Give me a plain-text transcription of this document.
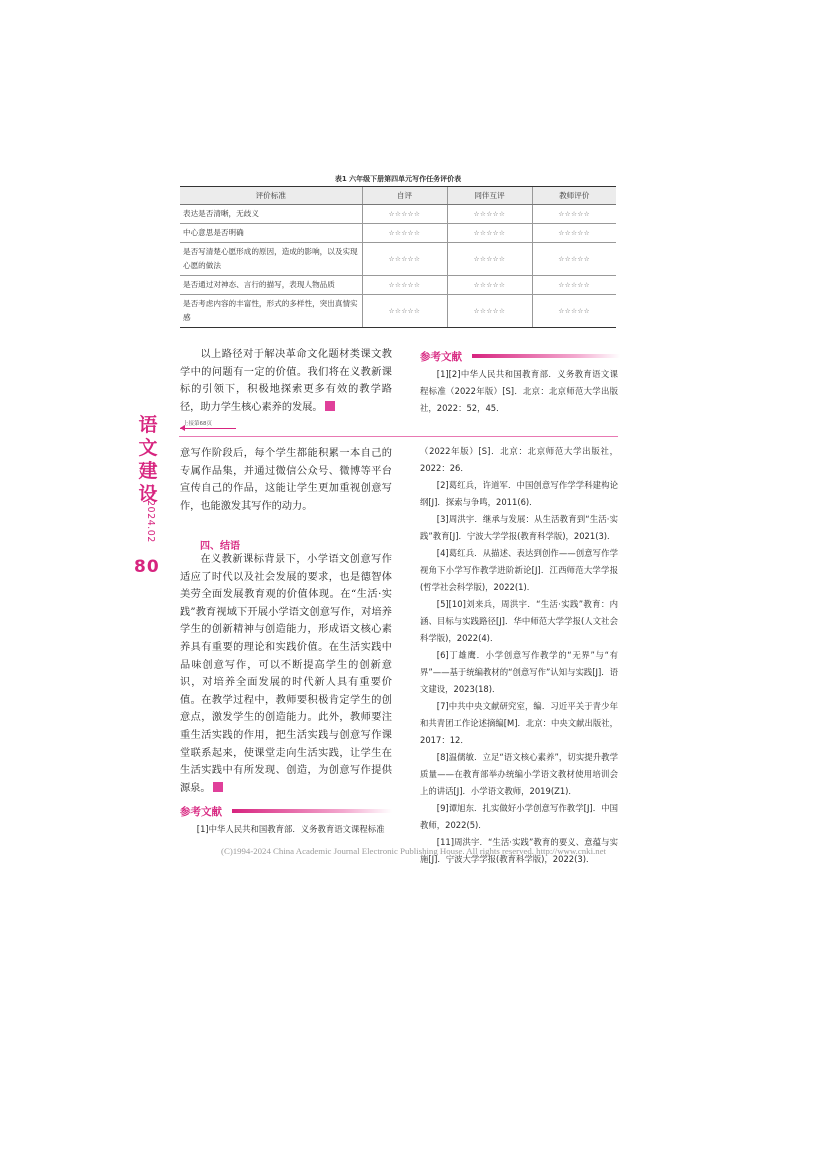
表1 六年级下册第四单元写作任务评价表
评价标准	自评	同伴互评	教师评价
表达是否清晰，无歧义	☆☆☆☆☆	☆☆☆☆☆	☆☆☆☆☆
中心意思是否明确	☆☆☆☆☆	☆☆☆☆☆	☆☆☆☆☆
是否写清楚心愿形成的原因，造成的影响，以及实现心愿的做法	☆☆☆☆☆	☆☆☆☆☆	☆☆☆☆☆
是否通过对神态、言行的描写，表现人物品质	☆☆☆☆☆	☆☆☆☆☆	☆☆☆☆☆
是否考虑内容的丰富性，形式的多样性，突出真情实感	☆☆☆☆☆	☆☆☆☆☆	☆☆☆☆☆
以上路径对于解决革命文化题材类课文教学中的问题有一定的价值。我们将在义教新课标的引领下，积极地探索更多有效的教学路径，助力学生核心素养的发展。
参考文献

[1][2]中华人民共和国教育部．义务教育语文课程标准（2022年版）[S]．北京：北京师范大学出版社，2022：52，45．

上接第68页
语文建设
2024.02
80
意写作阶段后，每个学生都能积累一本自己的专属作品集，并通过微信公众号、微博等平台宣传自己的作品，这能让学生更加重视创意写作，也能激发其写作的动力。
四、结语
在义教新课标背景下，小学语文创意写作适应了时代以及社会发展的要求，也是德智体美劳全面发展教育观的价值体现。在“生活·实践”教育视域下开展小学语文创意写作，对培养学生的创新精神与创造能力，形成语文核心素养具有重要的理论和实践价值。在生活实践中品味创意写作，可以不断提高学生的创新意识，对培养全面发展的时代新人具有重要价值。在教学过程中，教师要积极肯定学生的创意点，激发学生的创造能力。此外，教师要注重生活实践的作用，把生活实践与创意写作课堂联系起来，使课堂走向生活实践，让学生在生活实践中有所发现、创造，为创意写作提供源泉。
参考文献

[1]中华人民共和国教育部．义务教育语文课程标准

（2022年版）[S]．北京：北京师范大学出版社，2022：26．

[2]葛红兵，许道军．中国创意写作学学科建构论纲[J]．探索与争鸣，2011(6)．

[3]周洪宇．继承与发展：从生活教育到“生活·实践”教育[J]．宁波大学学报(教育科学版)，2021(3)．

[4]葛红兵．从描述、表达到创作——创意写作学视角下小学写作教学进阶新论[J]．江西师范大学学报(哲学社会科学版)，2022(1)．

[5][10]刘来兵，周洪宇．“生活·实践”教育：内涵、目标与实践路径[J]．华中师范大学学报(人文社会科学版)，2022(4)．

[6]丁雄鹰．小学创意写作教学的“无界”与“有界”——基于统编教材的“创意写作”认知与实践[J]．语文建设，2023(18)．

[7]中共中央文献研究室，编．习近平关于青少年和共青团工作论述摘编[M]．北京：中央文献出版社，2017：12．

[8]温儒敏．立足“语文核心素养”，切实提升教学质量——在教育部举办统编小学语文教材使用培训会上的讲话[J]．小学语文教师，2019(Z1)．

[9]谭旭东．扎实做好小学创意写作教学[J]．中国教师，2022(5)．

[11]周洪宇．“生活·实践”教育的要义、意蕴与实施[J]．宁波大学学报(教育科学版)，2022(3)．

(C)1994-2024 China Academic Journal Electronic Publishing House. All rights reserved. http://www.cnki.net
